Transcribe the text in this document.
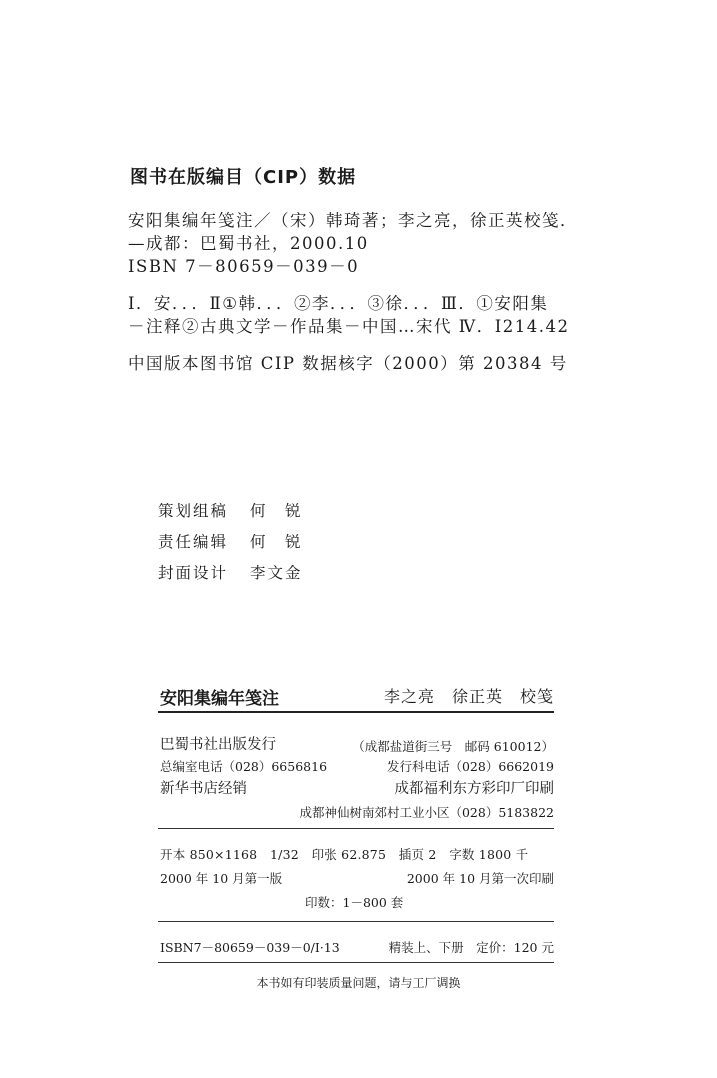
图书在版编目（CIP）数据
安阳集编年笺注／（宋）韩琦著；李之亮，徐正英校笺．
—成都：巴蜀书社，2000.10
ISBN 7－80659－039－0
Ⅰ．安．．．Ⅱ①韩．．．②李．．．③徐．．．Ⅲ．①安阳集
－注释②古典文学－作品集－中国…宋代 Ⅳ．I214.42
中国版本图书馆 CIP 数据核字（2000）第 20384 号
策划组稿 何　锐
责任编辑 何　锐
封面设计 李文金
安阳集编年笺注	李之亮　徐正英　校笺
巴蜀书社出版发行	（成都盐道街三号　邮码 610012）
总编室电话（028）6656816	发行科电话（028）6662019
新华书店经销	成都福利东方彩印厂印刷
成都神仙树南郊村工业小区（028）5183822
开本 850×1168　1/32　印张 62.875　插页 2　字数 1800 千
2000 年 10 月第一版	2000 年 10 月第一次印刷
印数：1－800 套
ISBN7－80659－039－0/I·13	精装上、下册　定价：120 元
本书如有印装质量问题，请与工厂调换
